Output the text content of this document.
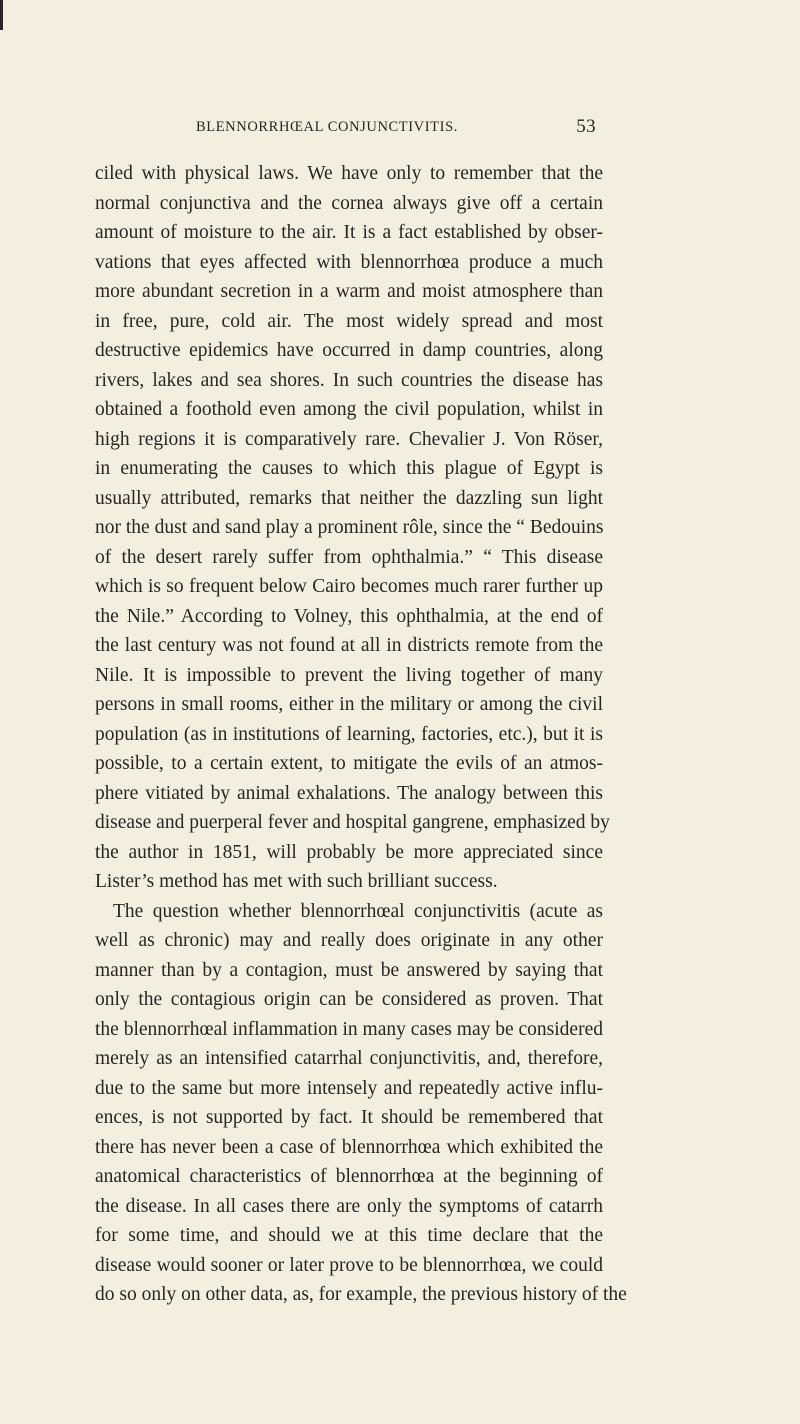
BLENNORRHŒAL CONJUNCTIVITIS.	53
ciled with physical laws. We have only to remember that the
normal conjunctiva and the cornea always give off a certain
amount of moisture to the air. It is a fact established by obser-
vations that eyes affected with blennorrhœa produce a much
more abundant secretion in a warm and moist atmosphere than
in free, pure, cold air. The most widely spread and most
destructive epidemics have occurred in damp countries, along
rivers, lakes and sea shores. In such countries the disease has
obtained a foothold even among the civil population, whilst in
high regions it is comparatively rare. Chevalier J. Von Röser,
in enumerating the causes to which this plague of Egypt is
usually attributed, remarks that neither the dazzling sun light
nor the dust and sand play a prominent rôle, since the “ Bedouins
of the desert rarely suffer from ophthalmia.” “ This disease
which is so frequent below Cairo becomes much rarer further up
the Nile.” According to Volney, this ophthalmia, at the end of
the last century was not found at all in districts remote from the
Nile. It is impossible to prevent the living together of many
persons in small rooms, either in the military or among the civil
population (as in institutions of learning, factories, etc.), but it is
possible, to a certain extent, to mitigate the evils of an atmos-
phere vitiated by animal exhalations. The analogy between this
disease and puerperal fever and hospital gangrene, emphasized by
the author in 1851, will probably be more appreciated since
Lister’s method has met with such brilliant success.
The question whether blennorrhœal conjunctivitis (acute as
well as chronic) may and really does originate in any other
manner than by a contagion, must be answered by saying that
only the contagious origin can be considered as proven. That
the blennorrhœal inflammation in many cases may be considered
merely as an intensified catarrhal conjunctivitis, and, therefore,
due to the same but more intensely and repeatedly active influ-
ences, is not supported by fact. It should be remembered that
there has never been a case of blennorrhœa which exhibited the
anatomical characteristics of blennorrhœa at the beginning of
the disease. In all cases there are only the symptoms of catarrh
for some time, and should we at this time declare that the
disease would sooner or later prove to be blennorrhœa, we could
do so only on other data, as, for example, the previous history of the
